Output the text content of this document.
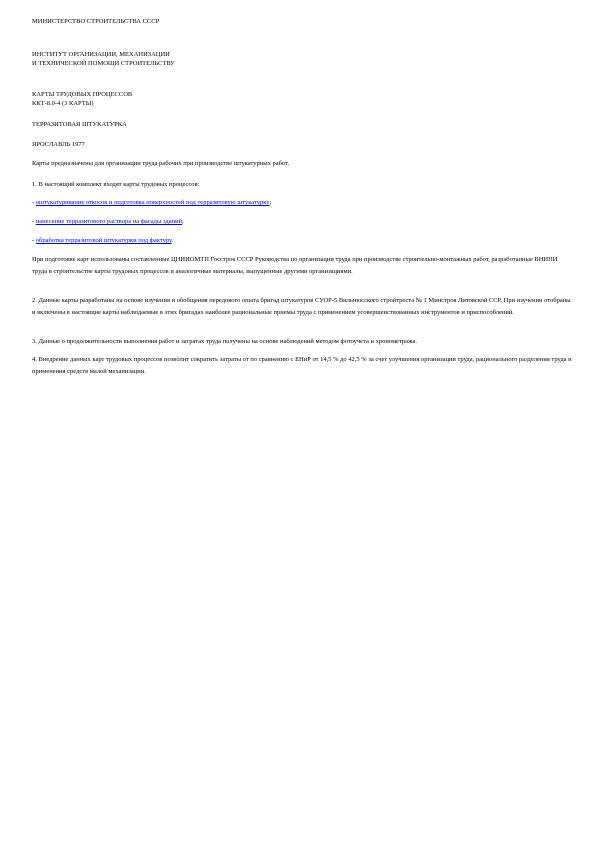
МИНИСТЕРСТВО СТРОИТЕЛЬСТВА СССР

ИНСТИТУТ ОРГАНИЗАЦИИ, МЕХАНИЗАЦИИ

И ТЕХНИЧЕСКОЙ ПОМОЩИ СТРОИТЕЛЬСТВУ

КАРТЫ ТРУДОВЫХ ПРОЦЕССОВ

ККТ-8.0-4 (3 КАРТЫ)

ТЕРРАЗИТОВАЯ ШТУКАТУРКА

ЯРОСЛАВЛЬ 1977

Карты предназначены для организации труда рабочих при производстве штукатурных работ.

1. В настоящий комплект входят карты трудовых процессов:

- оштукатуривание откосов и подготовка поверхностей под терразитовую штукатурку;

- нанесение терразитового раствора на фасады зданий;

- обработка терразитовой штукатурки под фактуру.

При подготовке карт использованы составленные ЦНИИОМТП Госстроя СССР Руководства по организации труда при производстве строительно-монтажных работ, разработанные ВНИПИ труда в строительстве карты трудовых процессов и аналогичные материалы, выпущенные другими организациями.

2. Данные карты разработаны на основе изучения и обобщения передового опыта бригад штукатуров СУОР-5 Вильнюсского стройтреста № 1 Минстроя Литовской ССР. При изучении отобраны и включены в настоящие карты наблюдаемые в этих бригадах наиболее рациональные приемы труда с применением усовершенствованных инструментов и приспособлений.

3. Данные о продолжительности выполнения работ и затратах труда получены на основе наблюдений методом фотоучета и хронометража.

4. Внедрение данных карт трудовых процессов позволит сократить затраты от по сравнению с ЕНиР от 14,5 % до 42,5 % за счет улучшения организации труда, рационального разделения труда и применения средств малой механизации.
